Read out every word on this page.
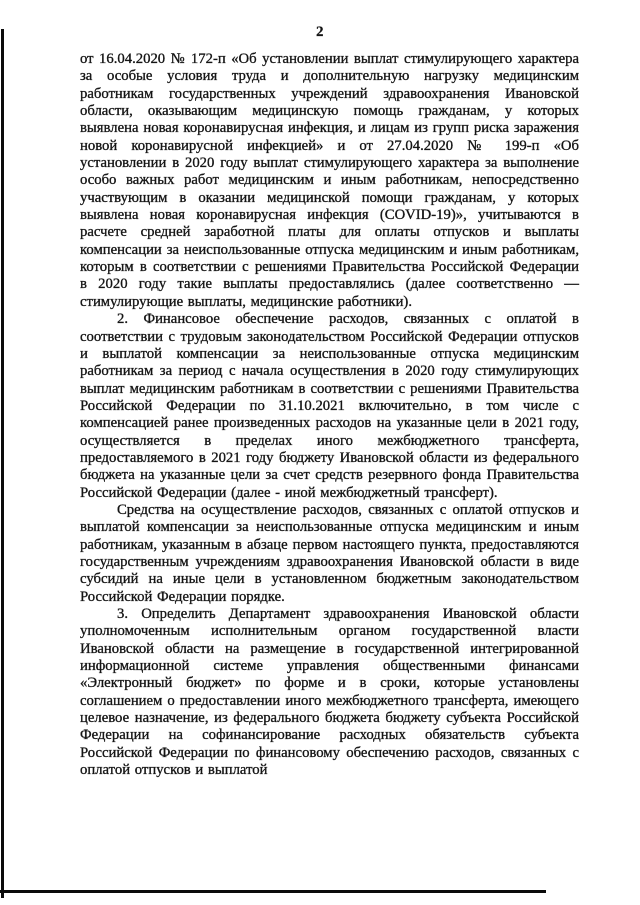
2

от 16.04.2020 № 172-п «Об установлении выплат стимулирующего характера за особые условия труда и дополнительную нагрузку медицинским работникам государственных учреждений здравоохранения Ивановской области, оказывающим медицинскую помощь гражданам, у которых выявлена новая коронавирусная инфекция, и лицам из групп риска заражения новой коронавирусной инфекцией» и от 27.04.2020 № 199-п «Об установлении в 2020 году выплат стимулирующего характера за выполнение особо важных работ медицинским и иным работникам, непосредственно участвующим в оказании медицинской помощи гражданам, у которых выявлена новая коронавирусная инфекция (COVID-19)», учитываются в расчете средней заработной платы для оплаты отпусков и выплаты компенсации за неиспользованные отпуска медицинским и иным работникам, которым в соответствии с решениями Правительства Российской Федерации в 2020 году такие выплаты предоставлялись (далее соответственно — стимулирующие выплаты, медицинские работники).

2. Финансовое обеспечение расходов, связанных с оплатой в соответствии с трудовым законодательством Российской Федерации отпусков и выплатой компенсации за неиспользованные отпуска медицинским работникам за период с начала осуществления в 2020 году стимулирующих выплат медицинским работникам в соответствии с решениями Правительства Российской Федерации по 31.10.2021 включительно, в том числе с компенсацией ранее произведенных расходов на указанные цели в 2021 году, осуществляется в пределах иного межбюджетного трансферта, предоставляемого в 2021 году бюджету Ивановской области из федерального бюджета на указанные цели за счет средств резервного фонда Правительства Российской Федерации (далее - иной межбюджетный трансферт).

Средства на осуществление расходов, связанных с оплатой отпусков и выплатой компенсации за неиспользованные отпуска медицинским и иным работникам, указанным в абзаце первом настоящего пункта, предоставляются государственным учреждениям здравоохранения Ивановской области в виде субсидий на иные цели в установленном бюджетным законодательством Российской Федерации порядке.

3. Определить Департамент здравоохранения Ивановской области уполномоченным исполнительным органом государственной власти Ивановской области на размещение в государственной интегрированной информационной системе управления общественными финансами «Электронный бюджет» по форме и в сроки, которые установлены соглашением о предоставлении иного межбюджетного трансферта, имеющего целевое назначение, из федерального бюджета бюджету субъекта Российской Федерации на софинансирование расходных обязательств субъекта Российской Федерации по финансовому обеспечению расходов, связанных с оплатой отпусков и выплатой
